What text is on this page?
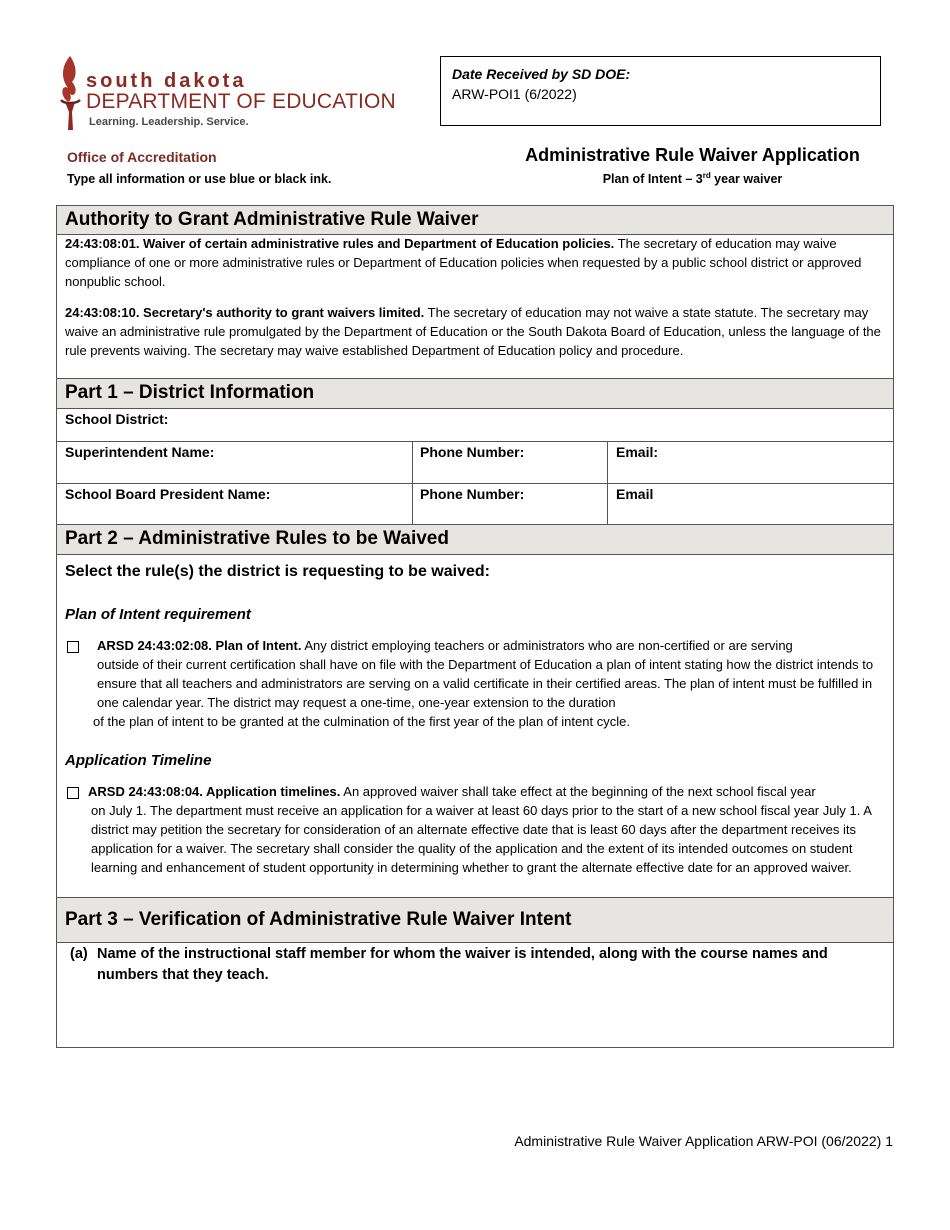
south dakota
DEPARTMENT OF EDUCATION
Learning. Leadership. Service.
Date Received by SD DOE:
ARW-POI1 (6/2022)
Office of Accreditation
Type all information or use blue or black ink.
Administrative Rule Waiver Application
Plan of Intent – 3rd year waiver
Authority to Grant Administrative Rule Waiver
24:43:08:01. Waiver of certain administrative rules and Department of Education policies. The secretary of education may waive compliance of one or more administrative rules or Department of Education policies when requested by a public school district or approved nonpublic school.
24:43:08:10. Secretary's authority to grant waivers limited. The secretary of education may not waive a state statute. The secretary may waive an administrative rule promulgated by the Department of Education or the South Dakota Board of Education, unless the language of the rule prevents waiving. The secretary may waive established Department of Education policy and procedure.
Part 1 – District Information
School District:
Superintendent Name:	Phone Number:	Email:
School Board President Name:	Phone Number:	Email
Part 2 – Administrative Rules to be Waived
Select the rule(s) the district is requesting to be waived:
Plan of Intent requirement

ARSD 24:43:02:08. Plan of Intent. Any district employing teachers or administrators who are non-certified or are serving

outside of their current certification shall have on file with the Department of Education a plan of intent stating how the district intends to ensure that all teachers and administrators are serving on a valid certificate in their certified areas. The plan of intent must be fulfilled in one calendar year. The district may request a one-time, one-year extension to the duration

of the plan of intent to be granted at the culmination of the first year of the plan of intent cycle.
Application Timeline
ARSD 24:43:08:04. Application timelines. An approved waiver shall take effect at the beginning of the next school fiscal year
on July 1. The department must receive an application for a waiver at least 60 days prior to the start of a new school fiscal year July 1. A district may petition the secretary for consideration of an alternate effective date that is least 60 days after the department receives its application for a waiver. The secretary shall consider the quality of the application and the extent of its intended outcomes on student learning and enhancement of student opportunity in determining whether to grant the alternate effective date for an approved waiver.
Part 3 – Verification of Administrative Rule Waiver Intent
(a) Name of the instructional staff member for whom the waiver is intended, along with the course names and numbers that they teach.
Administrative Rule Waiver Application ARW-POI (06/2022) 1
